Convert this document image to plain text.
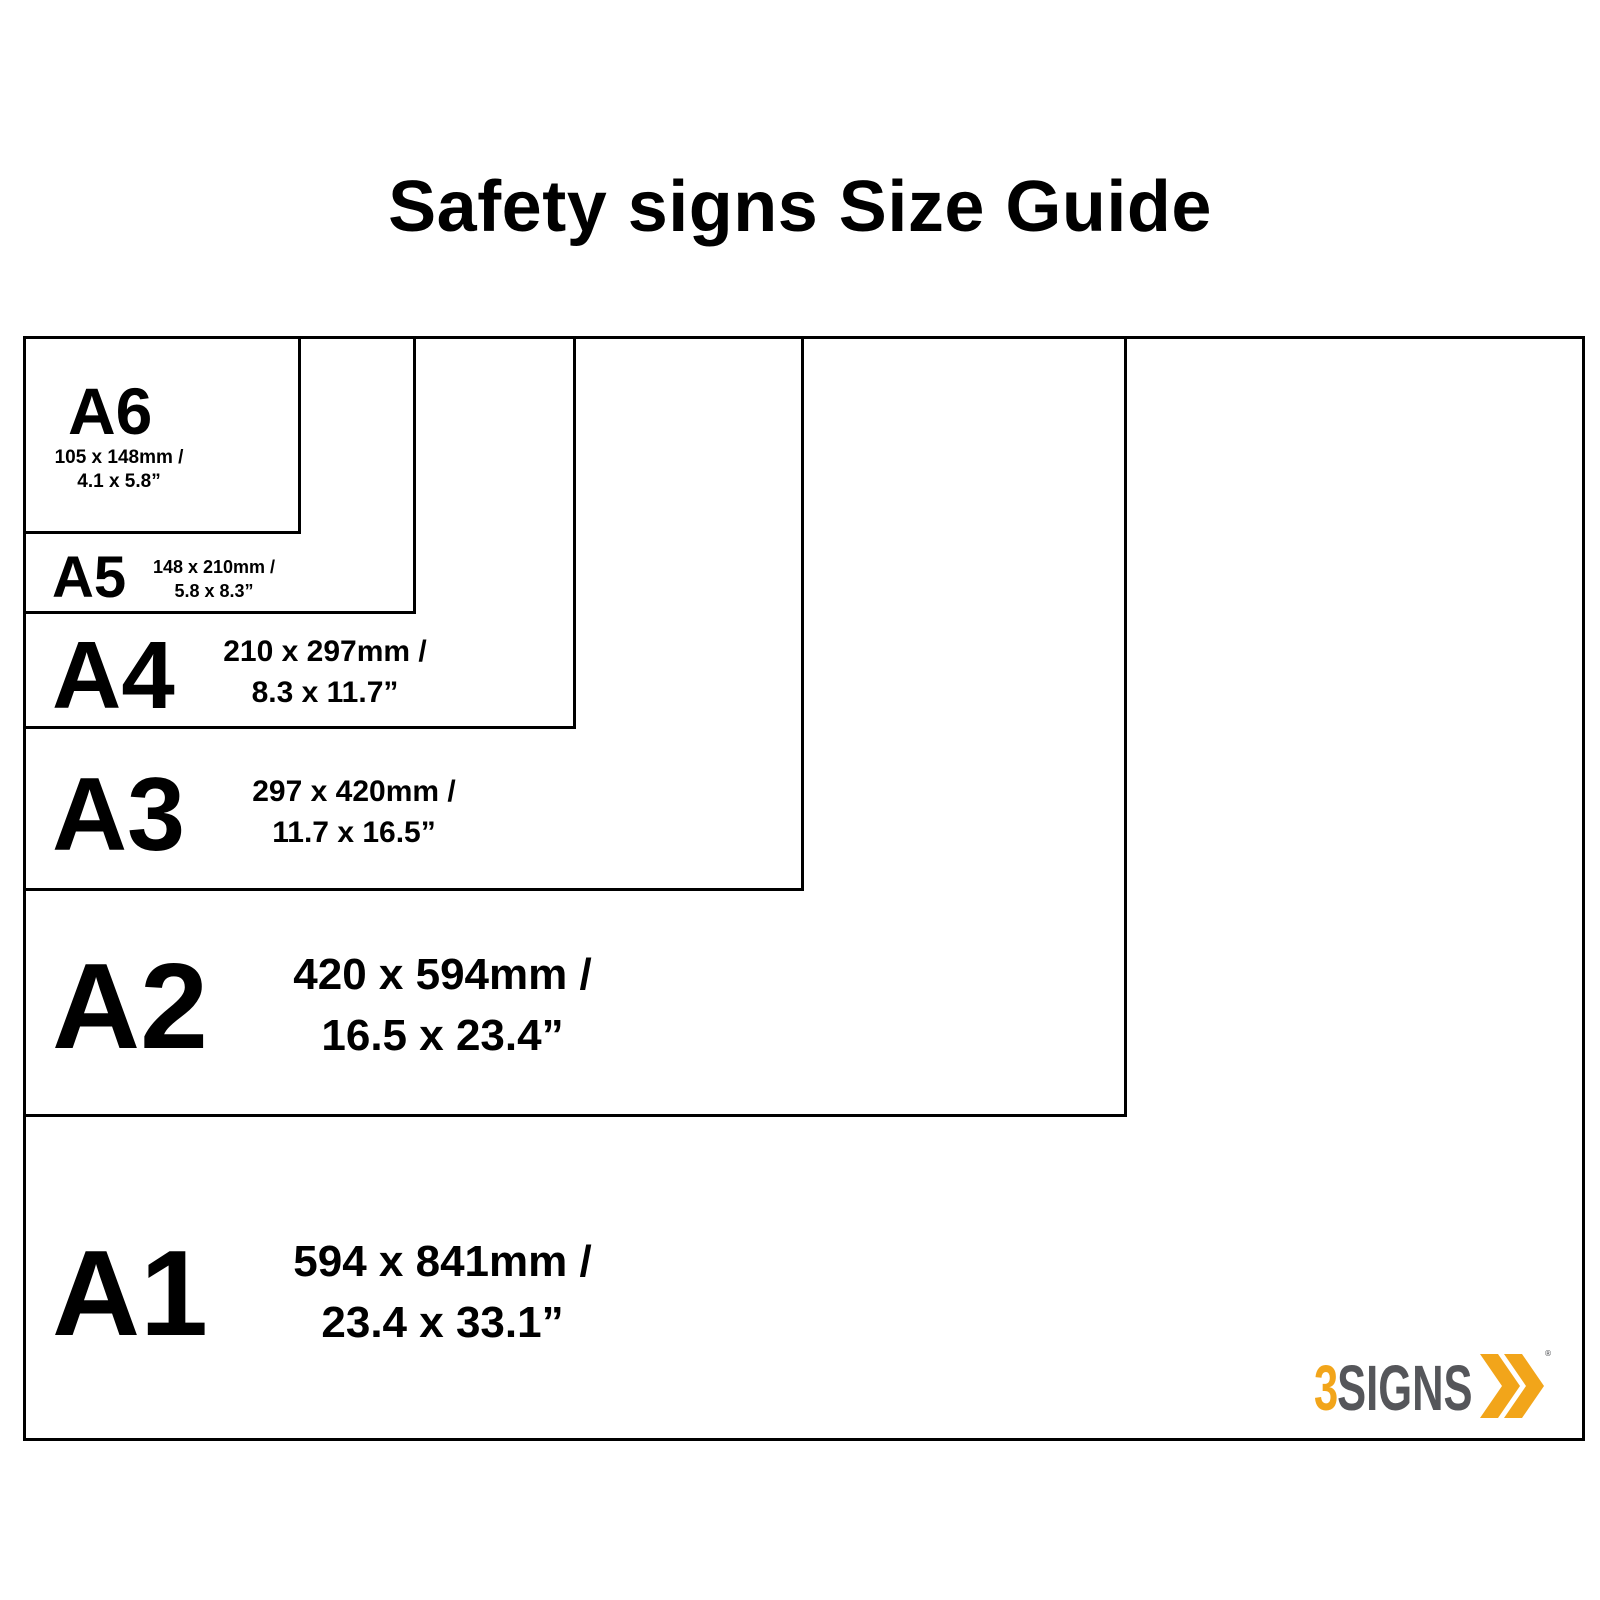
Safety signs Size Guide
A6
105 x 148mm /
4.1 x 5.8”
A5	148 x 210mm /
5.8 x 8.3”
A4	210 x 297mm /
8.3 x 11.7”
A3	297 x 420mm /
11.7 x 16.5”
A2	420 x 594mm /
16.5 x 23.4”
A1	594 x 841mm /
23.4 x 33.1”
3
SIGNS	®
